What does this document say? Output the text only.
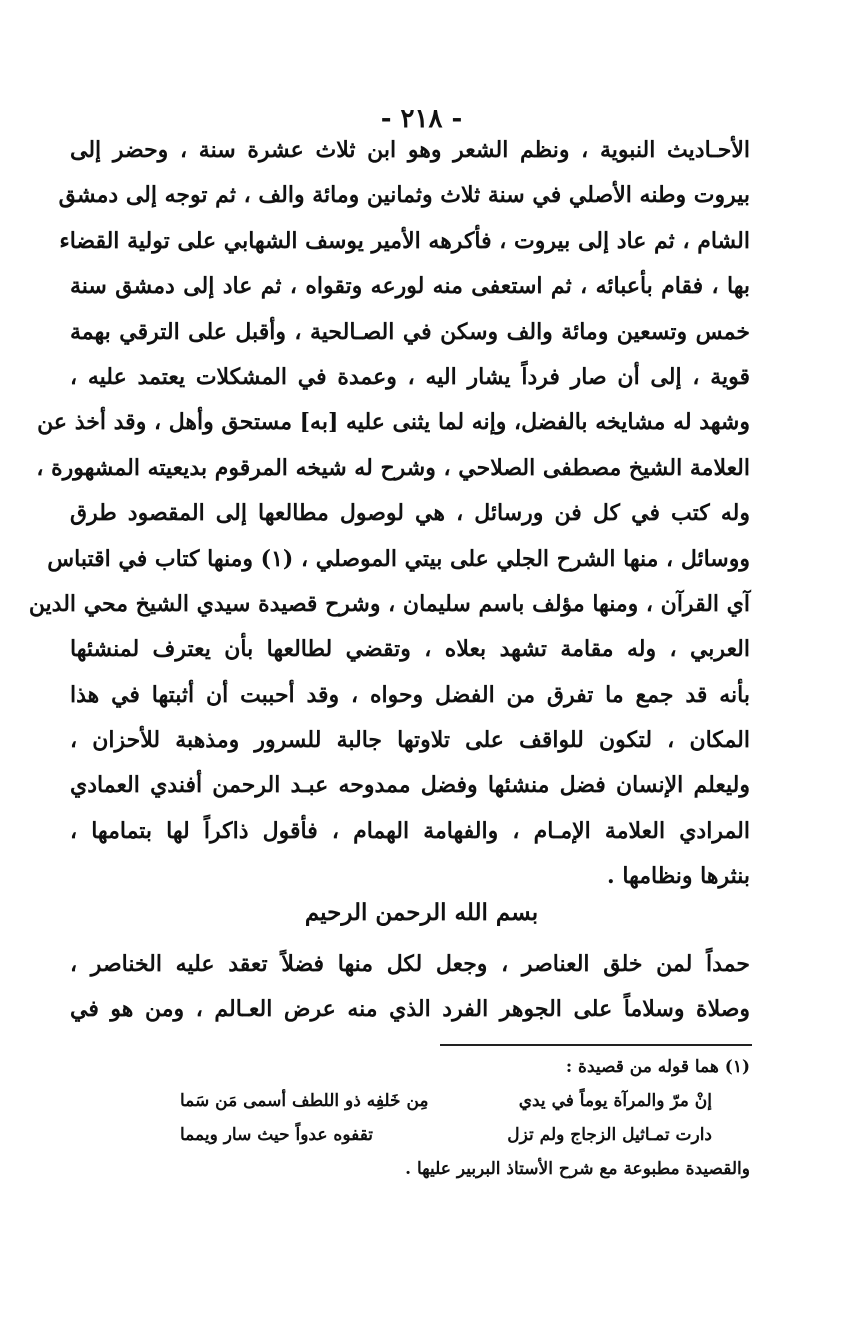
- ٢١٨ -
الأحـاديث النبوية ، ونظم الشعر وهو ابن ثلاث عشرة سنة ، وحضر إلى
بيروت وطنه الأصلي في سنة ثلاث وثمانين ومائة والف ، ثم توجه إلى دمشق
الشام ، ثم عاد إلى بيروت ، فأكرهه الأمير يوسف الشهابي على تولية القضاء
بها ، فقام بأعبائه ، ثم استعفى منه لورعه وتقواه ، ثم عاد إلى دمشق سنة
خمس وتسعين ومائة والف وسكن في الصـالحية ، وأقبل على الترقي بهمة
قوية ، إلى أن صار فرداً يشار اليه ، وعمدة في المشكلات يعتمد عليه ،
وشهد له مشايخه بالفضل، وإنه لما يثنى عليه [به] مستحق وأهل ، وقد أخذ عن
العلامة الشيخ مصطفى الصلاحي ، وشرح له شيخه المرقوم بديعيته المشهورة ،
وله كتب في كل فن ورسائل ، هي لوصول مطالعها إلى المقصود طرق
ووسائل ، منها الشرح الجلي على بيتي الموصلي ، (١) ومنها كتاب في اقتباس
آي القرآن ، ومنها مؤلف باسم سليمان ، وشرح قصيدة سيدي الشيخ محي الدين
العربي ، وله مقامة تشهد بعلاه ، وتقضي لطالعها بأن يعترف لمنشئها
بأنه قد جمع ما تفرق من الفضل وحواه ، وقد أحببت أن أثبتها في هذا
المكان ، لتكون للواقف على تلاوتها جالبة للسرور ومذهبة للأحزان ،
وليعلم الإنسان فضل منشئها وفضل ممدوحه عبـد الرحمن أفندي العمادي
المرادي العلامة الإمـام ، والفهامة الهمام ، فأقول ذاكراً لها بتمامها ،
بنثرها ونظامها .
بسم الله الرحمن الرحيم
حمداً لمن خلق العناصر ، وجعل لكل منها فضلاً تعقد عليه الخناصر ،
وصلاة وسلاماً على الجوهر الفرد الذي منه عرض العـالم ، ومن هو في
(١) هما قوله من قصيدة :
إنْ مرّ والمرآة يوماً في يدي
مِن خَلفِه ذو اللطف أسمى مَن سَما
دارت تمـاثيل الزجاج ولم تزل
تقفوه عدواً حيث سار ويمما
والقصيدة مطبوعة مع شرح الأستاذ البربير عليها .
